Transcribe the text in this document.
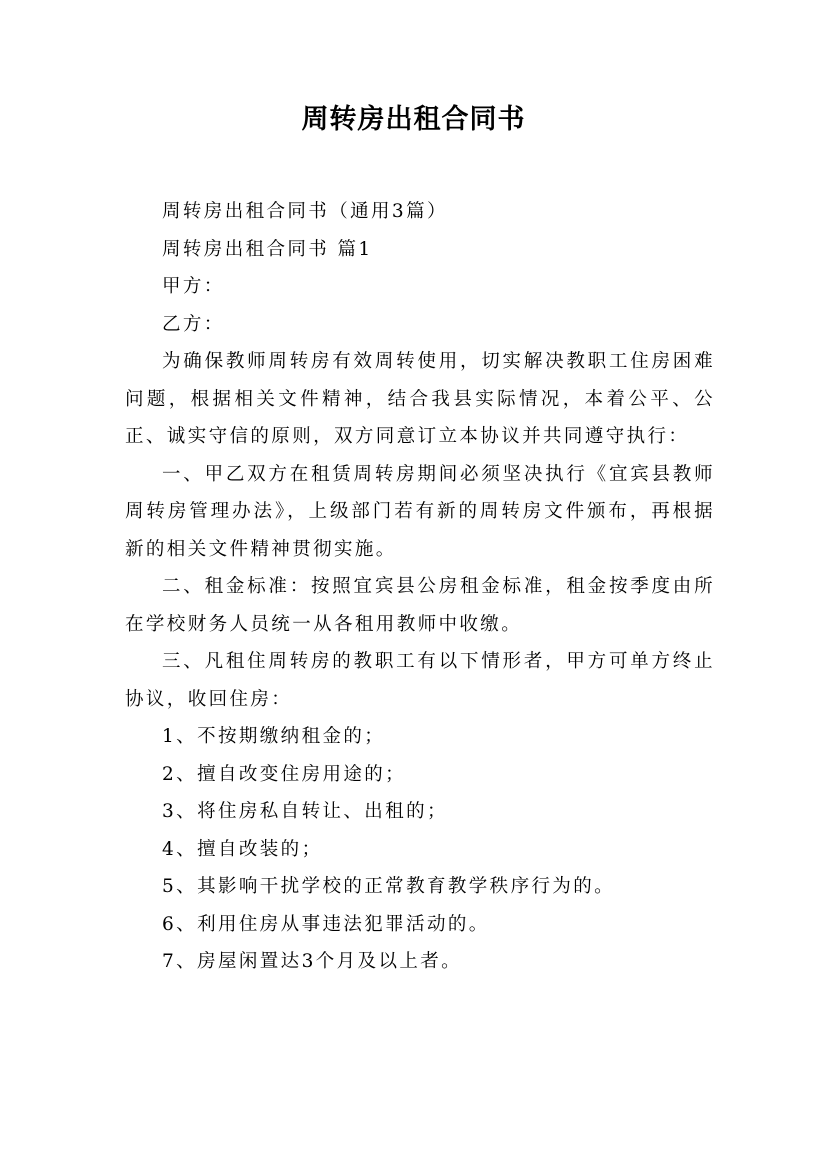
周转房出租合同书

周转房出租合同书（通用3篇）

周转房出租合同书 篇1

甲方：

乙方：

为确保教师周转房有效周转使用，切实解决教职工住房困难问题，根据相关文件精神，结合我县实际情况，本着公平、公正、诚实守信的原则，双方同意订立本协议并共同遵守执行：

一、甲乙双方在租赁周转房期间必须坚决执行《宜宾县教师周转房管理办法》，上级部门若有新的周转房文件颁布，再根据新的相关文件精神贯彻实施。

二、租金标准：按照宜宾县公房租金标准，租金按季度由所在学校财务人员统一从各租用教师中收缴。

三、凡租住周转房的教职工有以下情形者，甲方可单方终止协议，收回住房：

1、不按期缴纳租金的；

2、擅自改变住房用途的；

3、将住房私自转让、出租的；

4、擅自改装的；

5、其影响干扰学校的正常教育教学秩序行为的。

6、利用住房从事违法犯罪活动的。

7、房屋闲置达3个月及以上者。
